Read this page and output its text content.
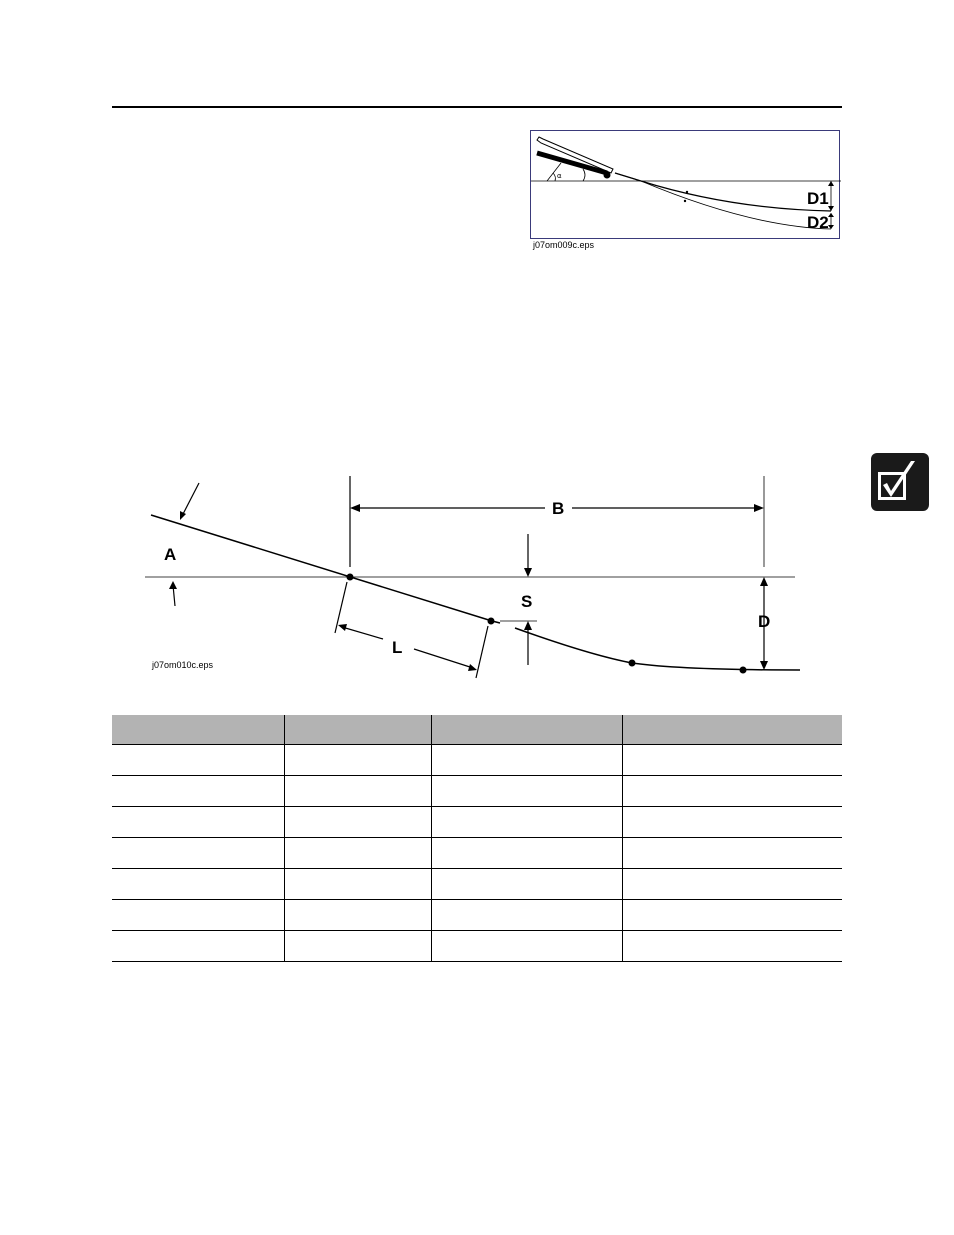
α
D1
D2
j07om009c.eps
A
B
S
D
L
j07om010c.eps
